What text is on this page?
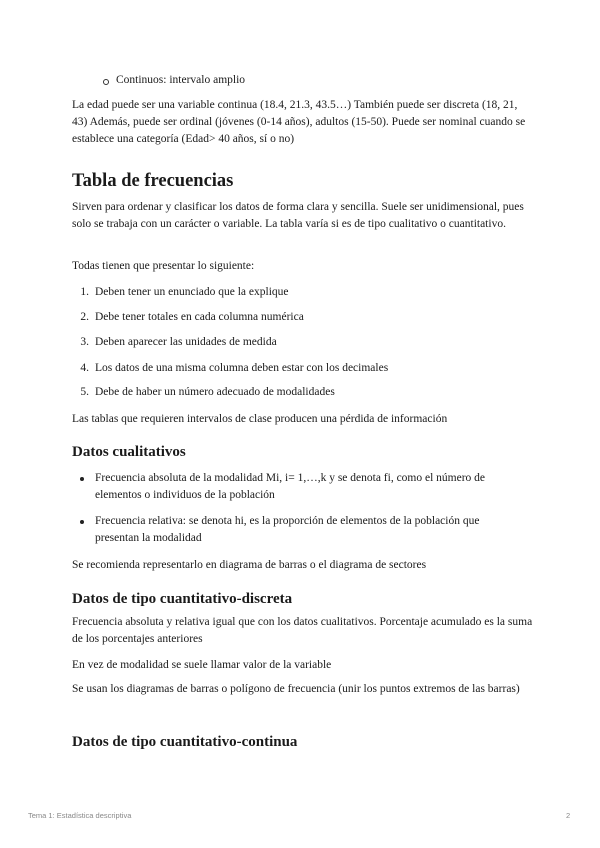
Continuos: intervalo amplio

La edad puede ser una variable continua (18.4, 21.3, 43.5…) También puede ser discreta (18, 21, 43) Además, puede ser ordinal (jóvenes (0-14 años), adultos (15-50). Puede ser nominal cuando se establece una categoría (Edad> 40 años, sí o no)

Tabla de frecuencias

Sirven para ordenar y clasificar los datos de forma clara y sencilla. Suele ser unidimensional, pues solo se trabaja con un carácter o variable. La tabla varía si es de tipo cualitativo o cuantitativo.

Todas tienen que presentar lo siguiente:

1. Deben tener un enunciado que la explique

2. Debe tener totales en cada columna numérica

3. Deben aparecer las unidades de medida

4. Los datos de una misma columna deben estar con los decimales

5. Debe de haber un número adecuado de modalidades

Las tablas que requieren intervalos de clase producen una pérdida de información

Datos cualitativos

Frecuencia absoluta de la modalidad Mi, i= 1,…,k y se denota fi, como el número de elementos o individuos de la población

Frecuencia relativa: se denota hi, es la proporción de elementos de la población que presentan la modalidad

Se recomienda representarlo en diagrama de barras o el diagrama de sectores

Datos de tipo cuantitativo-discreta

Frecuencia absoluta y relativa igual que con los datos cualitativos. Porcentaje acumulado es la suma de los porcentajes anteriores

En vez de modalidad se suele llamar valor de la variable

Se usan los diagramas de barras o polígono de frecuencia (unir los puntos extremos de las barras)

Datos de tipo cuantitativo-continua
Tema 1: Estadística descriptiva	2
